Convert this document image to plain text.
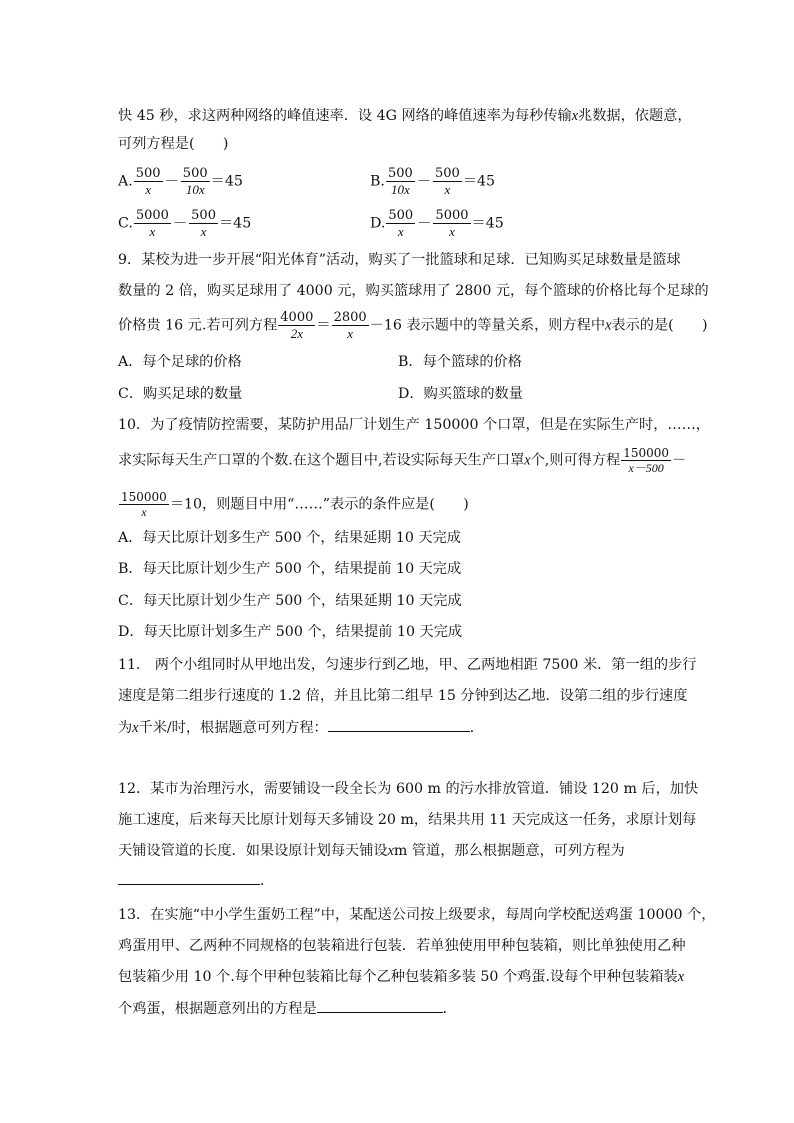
快 45 秒，求这两种网络的峰值速率．设 4G 网络的峰值速率为每秒传输x兆数据，依题意，
可列方程是(　　)
A. $\frac{500}{x} - \frac{500}{10x} =45$	B. $\frac{500}{10x} - \frac{500}{x} =45$
C. $\frac{5000}{x} - \frac{500}{x} =45$	D. $\frac{500}{x} - \frac{5000}{x} =45$
9．某校为进一步开展“阳光体育”活动，购买了一批篮球和足球．已知购买足球数量是篮球
数量的 2 倍，购买足球用了 4000 元，购买篮球用了 2800 元，每个篮球的价格比每个足球的
价格贵 16 元.若可列方程 $\frac{4000}{2x} = \frac{2800}{x} -16$ 表示题中的等量关系，则方程中x表示的是(　　)
A．每个足球的价格	B．每个篮球的价格
C．购买足球的数量	D．购买篮球的数量
10．为了疫情防控需要，某防护用品厂计划生产 150000 个口罩，但是在实际生产时，……，
求实际每天生产口罩的个数.在这个题目中,若设实际每天生产口罩x个,则可得方程 $\frac{150000}{x-500}$ －
$\frac{150000}{x} =10$，则题目中用“……”表示的条件应是(　　)
A．每天比原计划多生产 500 个，结果延期 10 天完成
B．每天比原计划少生产 500 个，结果提前 10 天完成
C．每天比原计划少生产 500 个，结果延期 10 天完成
D．每天比原计划多生产 500 个，结果提前 10 天完成
11． 两个小组同时从甲地出发，匀速步行到乙地，甲、乙两地相距 7500 米．第一组的步行
速度是第二组步行速度的 1.2 倍，并且比第二组早 15 分钟到达乙地．设第二组的步行速度
为x千米/时，根据题意可列方程：	．
12．某市为治理污水，需要铺设一段全长为 600 m 的污水排放管道．铺设 120 m 后，加快
施工速度，后来每天比原计划每天多铺设 20 m，结果共用 11 天完成这一任务，求原计划每
天铺设管道的长度．如果设原计划每天铺设xm 管道，那么根据题意，可列方程为
．
13．在实施“中小学生蛋奶工程”中，某配送公司按上级要求，每周向学校配送鸡蛋 10000 个，
鸡蛋用甲、乙两种不同规格的包装箱进行包装．若单独使用甲种包装箱，则比单独使用乙种
包装箱少用 10 个.每个甲种包装箱比每个乙种包装箱多装 50 个鸡蛋.设每个甲种包装箱装x
个鸡蛋，根据题意列出的方程是	．
